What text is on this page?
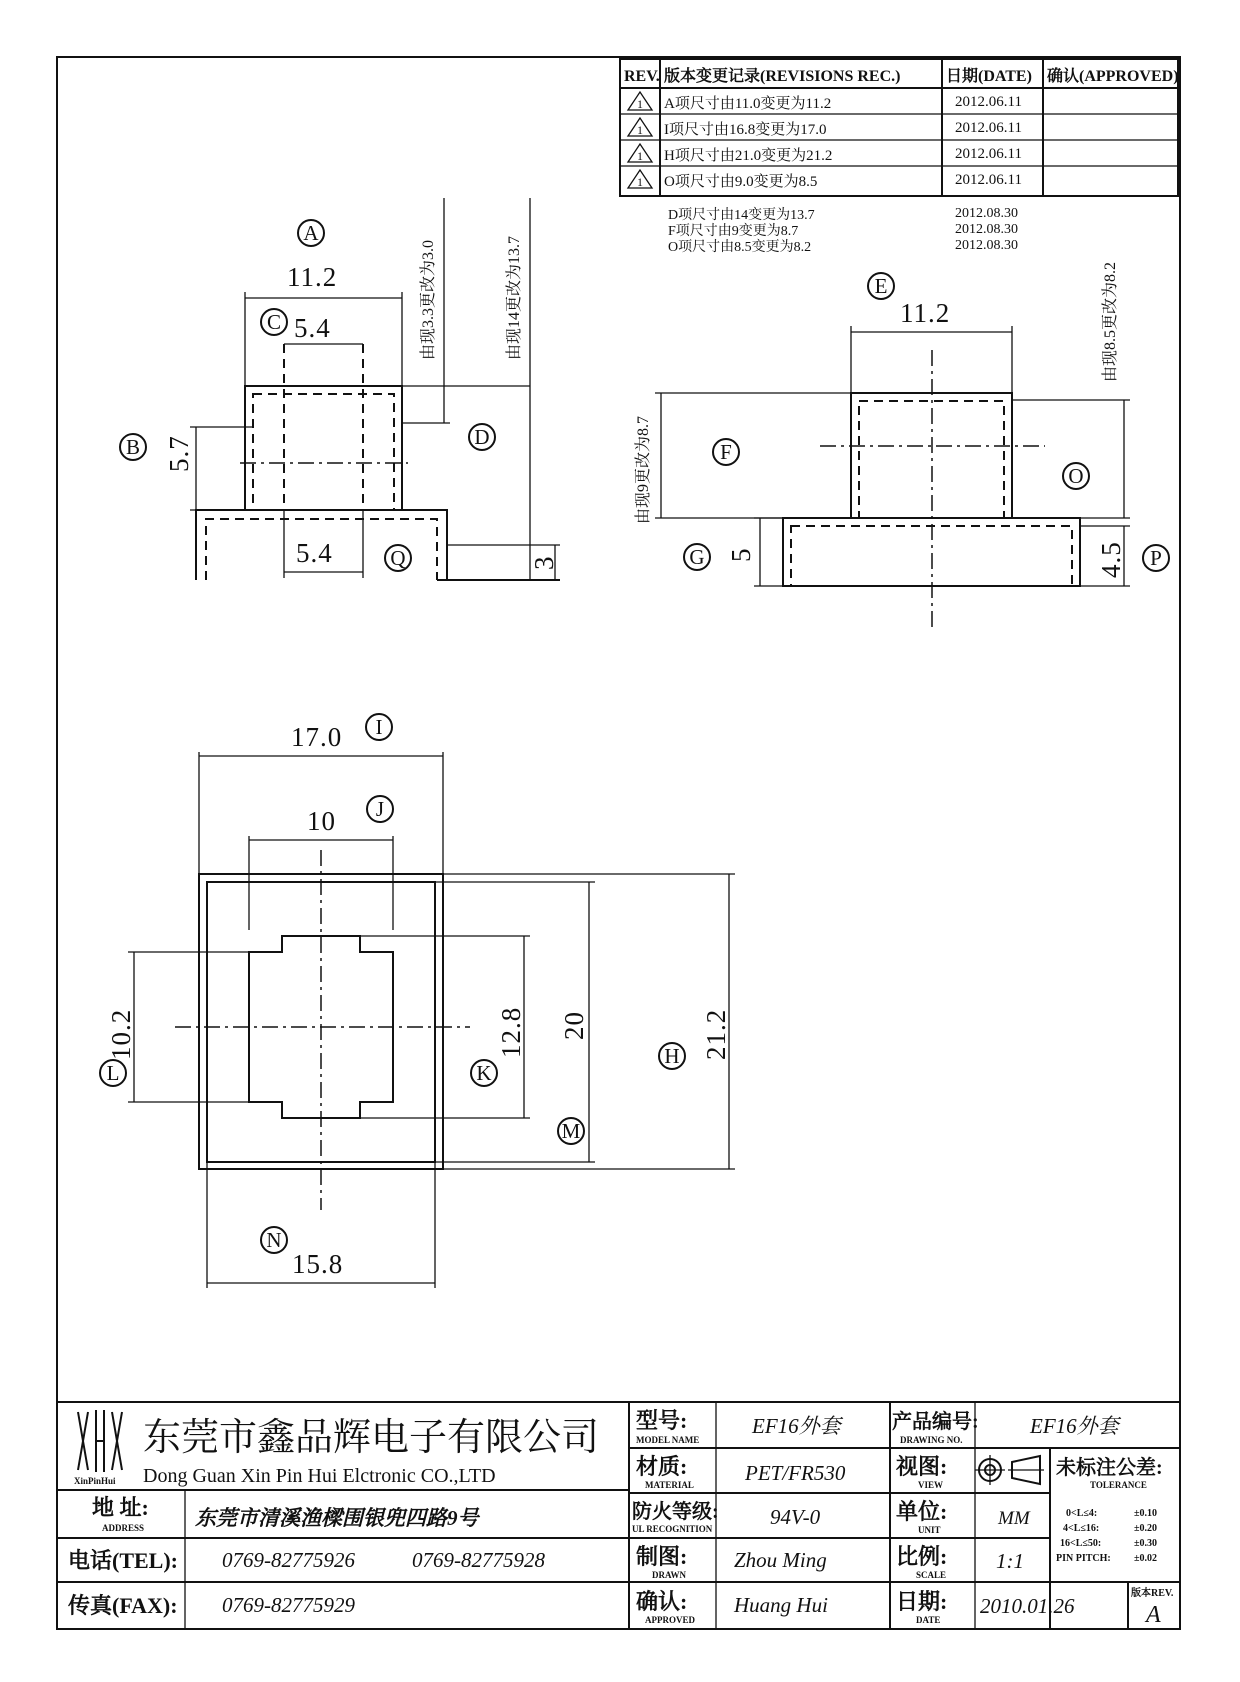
REV. 版本变更记录(REVISIONS REC.)	日期(DATE) 确认(APPROVED)
1 A项尺寸由11.0变更为11.2	2012.06.11
1 I项尺寸由16.8变更为17.0	2012.06.11
1 H项尺寸由21.0变更为21.2	2012.06.11
1 O项尺寸由9.0变更为8.5	2012.06.11
D项尺寸由14变更为13.7	2012.08.30
F项尺寸由9变更为8.7	2012.08.30
O项尺寸由8.5变更为8.2	2012.08.30
11.2
A
5.4
C
5.7
B	D
由现3.3更改为3.0	由现14更改为13.7
3
5.4	Q
11.2
E
由现9更改为8.7	F
由现8.5更改为8.2
O
5
G	4.5 P
17.0 I
10 J
10.2
L
12.8
K
20
M
21.2
H
15.8
N
XinPinHui
东莞市鑫品辉电子有限公司
Dong Guan Xin Pin Hui Elctronic CO.,LTD
地 址:
ADDRESS 东莞市清溪渔樑围银兜四路9号
电话(TEL): 0769-82775926	0769-82775928
传真(FAX): 0769-82775929
型号:
MODEL NAME
EF16外套
材质:
MATERIAL PET/FR530
防火等级:
UL RECOGNITION	94V-0
制图:
DRAWN
Zhou Ming
确认:
APPROVED
Huang Hui
产品编号:
DRAWING NO.
EF16外套
视图:
VIEW
单位:
UNIT
MM
比例:
SCALE
1:1
日期:
DATE
2010.01.26
未标注公差:
TOLERANCE
0<L≤4:	±0.10
4<L≤16:	±0.20
16<L≤50:	±0.30
PIN PITCH: ±0.02
版本REV.
A
